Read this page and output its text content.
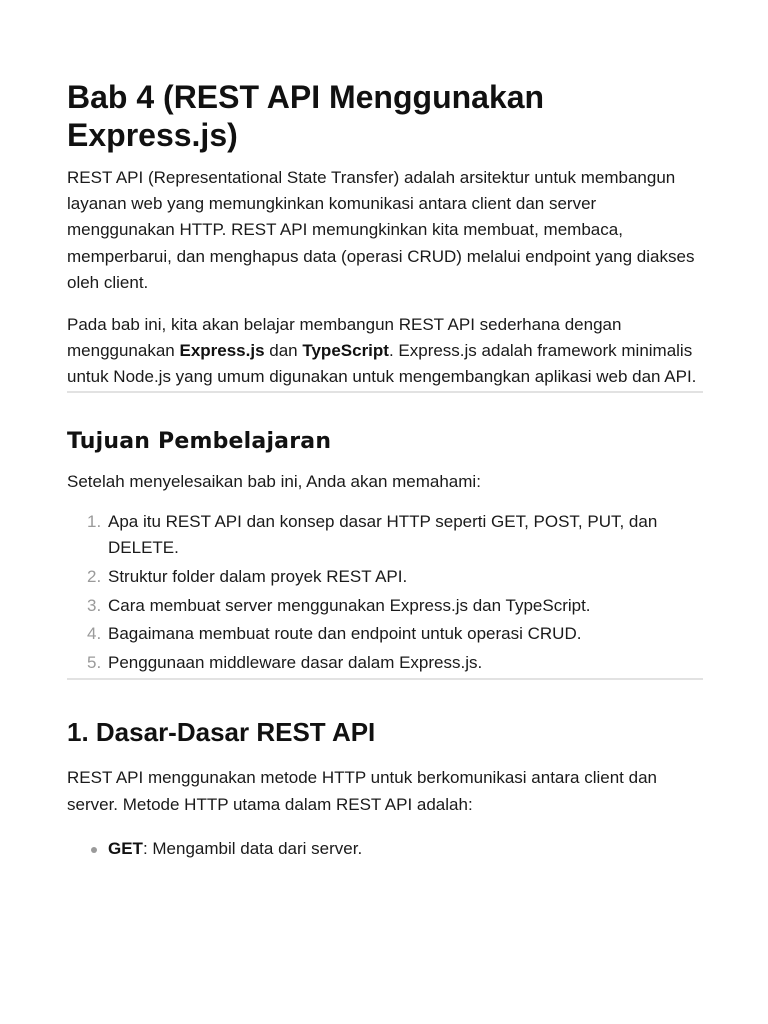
Bab 4 (REST API Menggunakan Express.js)

REST API (Representational State Transfer) adalah arsitektur untuk membangun layanan web yang memungkinkan komunikasi antara client dan server menggunakan HTTP. REST API memungkinkan kita membuat, membaca, memperbarui, dan menghapus data (operasi CRUD) melalui endpoint yang diakses oleh client.

Pada bab ini, kita akan belajar membangun REST API sederhana dengan menggunakan Express.js dan TypeScript. Express.js adalah framework minimalis untuk Node.js yang umum digunakan untuk mengembangkan aplikasi web dan API.

Tujuan Pembelajaran

Setelah menyelesaikan bab ini, Anda akan memahami:

1. Apa itu REST API dan konsep dasar HTTP seperti GET, POST, PUT, dan DELETE.
2. Struktur folder dalam proyek REST API.
3. Cara membuat server menggunakan Express.js dan TypeScript.
4. Bagaimana membuat route dan endpoint untuk operasi CRUD.
5. Penggunaan middleware dasar dalam Express.js.
1. Dasar-Dasar REST API

REST API menggunakan metode HTTP untuk berkomunikasi antara client dan server. Metode HTTP utama dalam REST API adalah:

GET: Mengambil data dari server.
